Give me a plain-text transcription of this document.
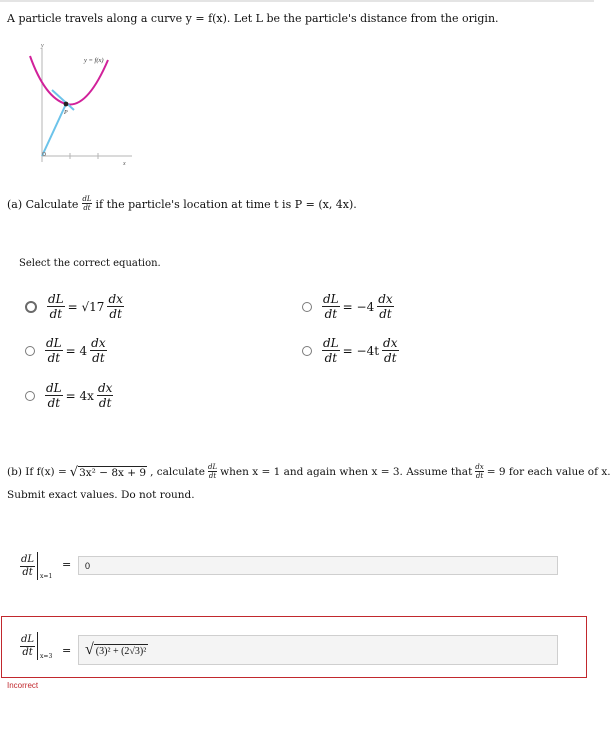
A particle travels along a curve y = f(x). Let L be the particle's distance from the origin.
y
x
y = f(x)
P
(a) Calculate $\frac{dL}{dt}$ if the particle's location at time t is P = (x, 4x).
Select the correct equation.
$\frac{dL}{dt} = √17 \frac{dx}{dt}$	$\frac{dL}{dt} = -4 \frac{dx}{dt}$
$\frac{dL}{dt} = 4 \frac{dx}{dt}$	$\frac{dL}{dt} = -4t \frac{dx}{dt}$
$\frac{dL}{dt} = 4x \frac{dx}{dt}$
(b) If f(x) = √ 3x² − 8x + 9 , calculate $\frac{dL}{dt}$ when x = 1 and again when x = 3. Assume that $\frac{dx}{dt} = 9$ for each value of x.
Submit exact values. Do not round.
$\frac{dL}{dt} x=1$
=	0
$\frac{dL}{dt} x=3$ = √ (3)² + (2√3)²
Incorrect
